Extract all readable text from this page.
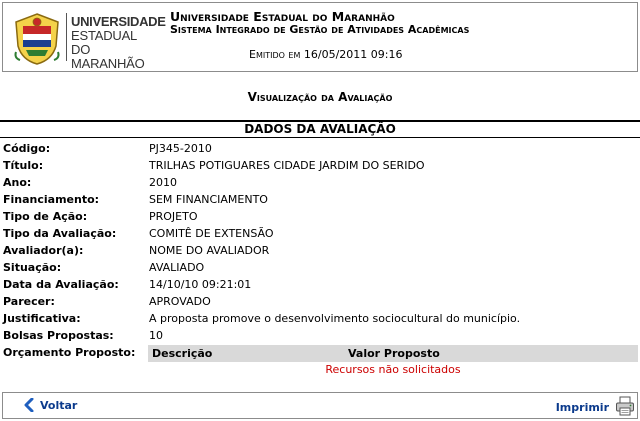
UNIVERSIDADE
ESTADUAL DO
MARANHÃO
Universidade Estadual do Maranhão
Sistema Integrado de Gestão de Atividades Acadêmicas
Emitido em 16/05/2011 09:16
Visualização da Avaliação
DADOS DA AVALIAÇÃO
Código:	PJ345-2010
Título:	TRILHAS POTIGUARES CIDADE JARDIM DO SERIDO
Ano:	2010
Financiamento:	SEM FINANCIAMENTO
Tipo de Ação:	PROJETO
Tipo da Avaliação:	COMITÊ DE EXTENSÃO
Avaliador(a):	NOME DO AVALIADOR
Situação:	AVALIADO
Data da Avaliação:	14/10/10 09:21:01
Parecer:	APROVADO
Justificativa:	A proposta promove o desenvolvimento sociocultural do município.
Bolsas Propostas:	10
Orçamento Proposto: Descrição	Valor Proposto
Recursos não solicitados
Voltar	Imprimir
